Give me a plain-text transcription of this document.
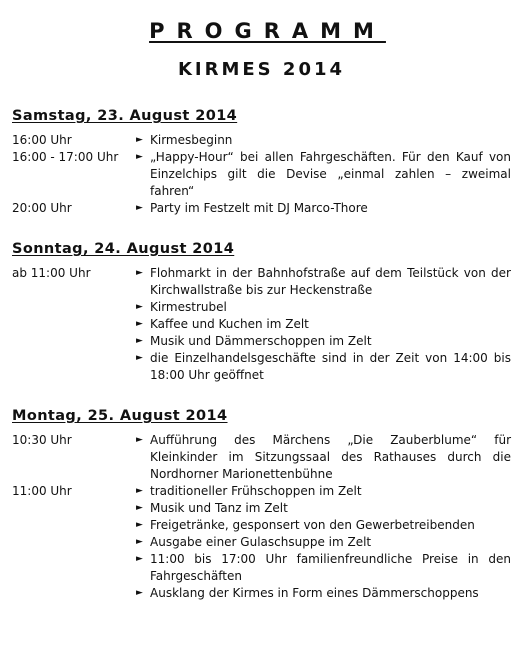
PROGRAMM
KIRMES 2014
Samstag, 23. August 2014
16:00 Uhr	► Kirmesbeginn
16:00 - 17:00 Uhr	► „Happy-Hour“ bei allen Fahrgeschäften. Für den Kauf von Einzelchips gilt die Devise „einmal zahlen – zweimal fahren“
20:00 Uhr	► Party im Festzelt mit DJ Marco-Thore
Sonntag, 24. August 2014
ab 11:00 Uhr	► Flohmarkt in der Bahnhofstraße auf dem Teilstück von der Kirchwallstraße bis zur Heckenstraße
► Kirmestrubel
► Kaffee und Kuchen im Zelt
► Musik und Dämmerschoppen im Zelt
► die Einzelhandelsgeschäfte sind in der Zeit von 14:00 bis 18:00 Uhr geöffnet
Montag, 25. August 2014
10:30 Uhr	► Aufführung des Märchens „Die Zauberblume“ für Kleinkinder im Sitzungssaal des Rathauses durch die Nordhorner Marionettenbühne
11:00 Uhr	► traditioneller Frühschoppen im Zelt
► Musik und Tanz im Zelt
► Freigetränke, gesponsert von den Gewerbetreibenden
► Ausgabe einer Gulaschsuppe im Zelt
► 11:00 bis 17:00 Uhr familienfreundliche Preise in den Fahrgeschäften
► Ausklang der Kirmes in Form eines Dämmerschoppens
